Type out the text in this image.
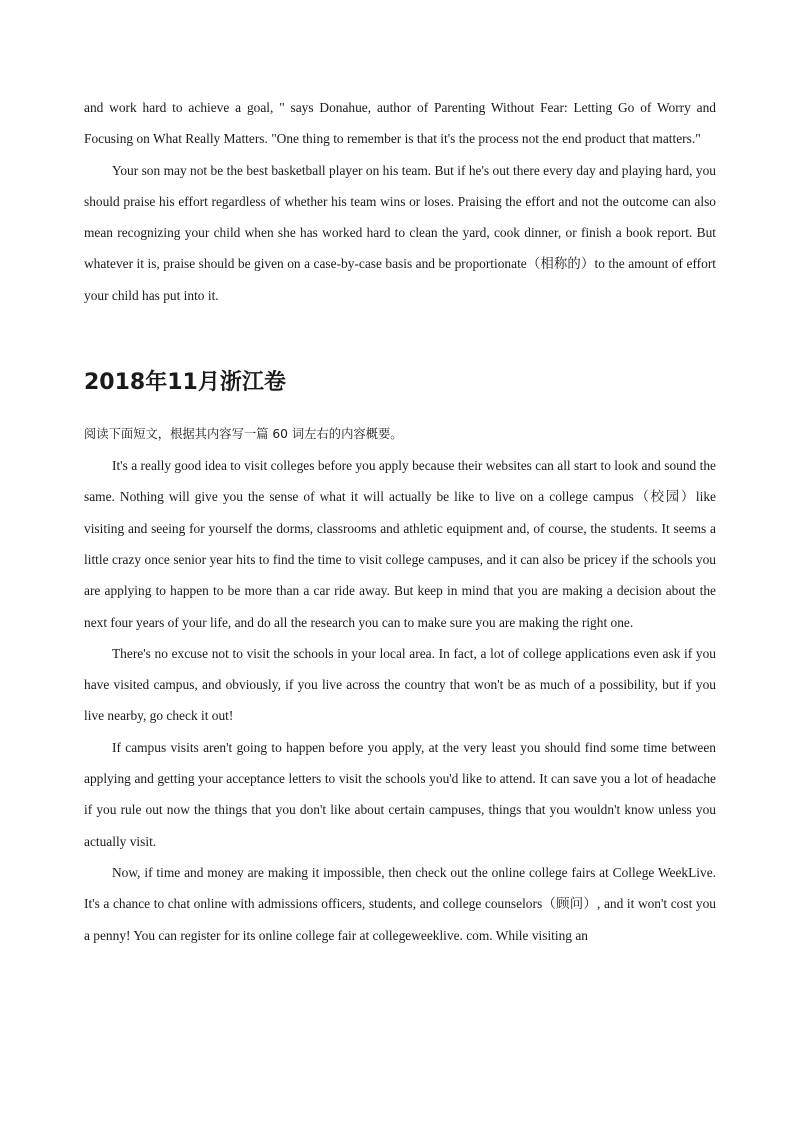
and work hard to achieve a goal, " says Donahue, author of Parenting Without Fear: Letting Go of Worry and Focusing on What Really Matters. "One thing to remember is that it's the process not the end product that matters."

Your son may not be the best basketball player on his team. But if he's out there every day and playing hard, you should praise his effort regardless of whether his team wins or loses. Praising the effort and not the outcome can also mean recognizing your child when she has worked hard to clean the yard, cook dinner, or finish a book report. But whatever it is, praise should be given on a case-by-case basis and be proportionate（相称的）to the amount of effort your child has put into it.

2018年11月浙江卷

阅读下面短文，根据其内容写一篇 60 词左右的内容概要。

It's a really good idea to visit colleges before you apply because their websites can all start to look and sound the same. Nothing will give you the sense of what it will actually be like to live on a college campus（校园）like visiting and seeing for yourself the dorms, classrooms and athletic equipment and, of course, the students. It seems a little crazy once senior year hits to find the time to visit college campuses, and it can also be pricey if the schools you are applying to happen to be more than a car ride away. But keep in mind that you are making a decision about the next four years of your life, and do all the research you can to make sure you are making the right one.

There's no excuse not to visit the schools in your local area. In fact, a lot of college applications even ask if you have visited campus, and obviously, if you live across the country that won't be as much of a possibility, but if you live nearby, go check it out!

If campus visits aren't going to happen before you apply, at the very least you should find some time between applying and getting your acceptance letters to visit the schools you'd like to attend. It can save you a lot of headache if you rule out now the things that you don't like about certain campuses, things that you wouldn't know unless you actually visit.

Now, if time and money are making it impossible, then check out the online college fairs at College WeekLive. It's a chance to chat online with admissions officers, students, and college counselors（顾问）, and it won't cost you a penny! You can register for its online college fair at collegeweeklive. com. While visiting an
